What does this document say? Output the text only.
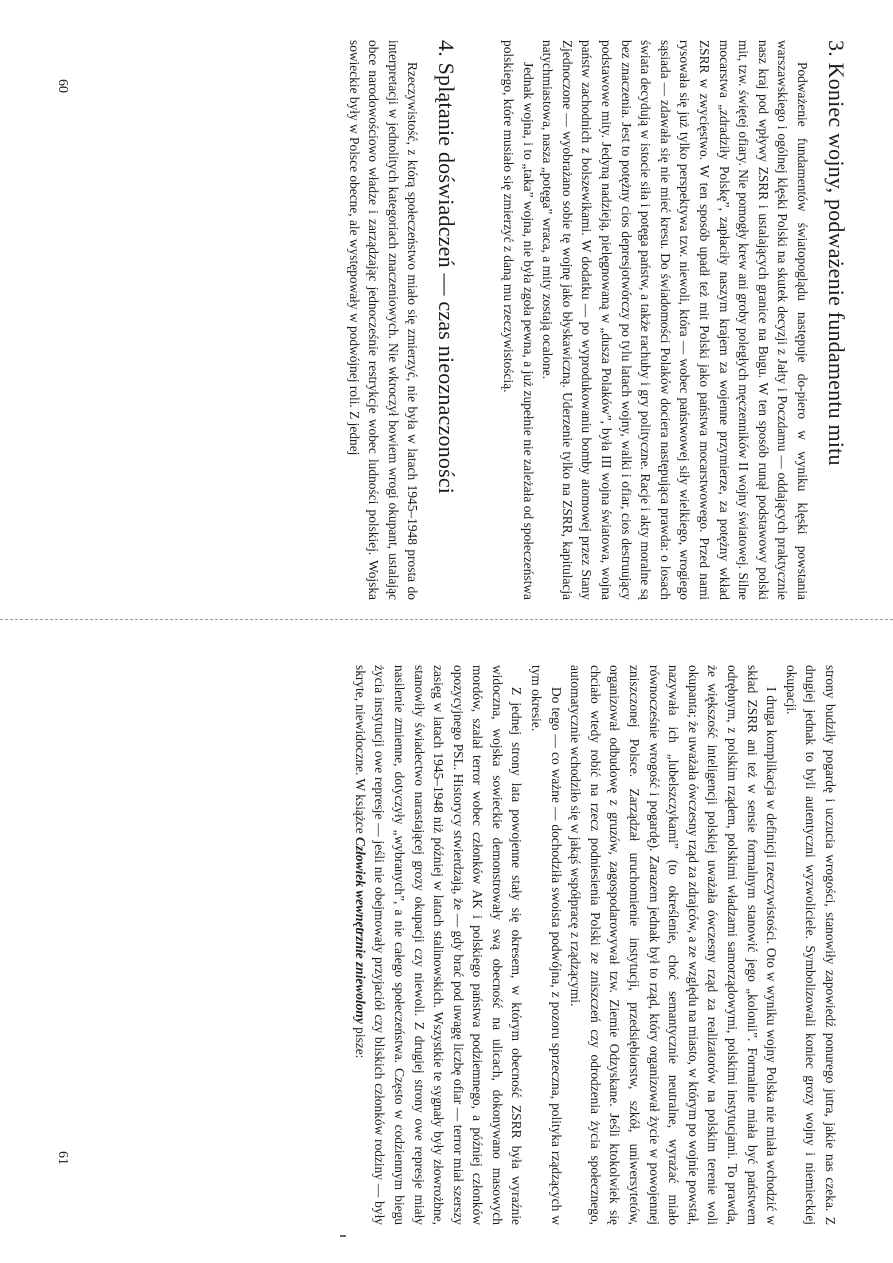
3. Koniec wojny, podważenie fundamentu mitu

Podważenie fundamentów światopoglądu następuje do-piero w wyniku klęski powstania warszawskiego i ogólnej klęski Polski na skutek decyzji z Jałty i Poczdamu — oddających praktycznie nasz kraj pod wpływy ZSRR i ustalających granice na Bugu. W ten sposób runął podstawowy polski mit, tzw. świętej ofiary. Nie pomogły krew ani groby poległych męczenników II wojny światowej. Silne mocarstwa „zdradziły Polskę”, zapłaciły naszym krajem za wojenne przymierze, za potężny wkład ZSRR w zwycięstwo. W ten sposób upadł też mit Polski jako państwa mocarstwowego. Przed nami rysowała się już tylko perspektywa tzw. niewoli, która — wobec państwowej siły wielkiego, wrogiego sąsiada — zdawała się nie mieć kresu. Do świadomości Polaków dociera następująca prawda: o losach świata decydują w istocie siła i potęga państw, a także rachuby i gry polityczne. Racje i akty moralne są bez znaczenia. Jest to potężny cios depresjotwórczy po tylu latach wojny, walki i ofiar, cios destruujący podstawowe mity. Jedyną nadzieją, pielęgnowaną w „dusza Polaków”, była III wojna światowa, wojna państw zachodnich z bolszewikami. W dodatku — po wyprodukowaniu bomby atomowej przez Stany Zjednoczone — wyobrażano sobie tę wojnę jako błyskawiczną. Uderzenie tylko na ZSRR, kapitulacja natychmiastowa, nasza „potęga” wraca, a mity zostają ocalone.

Jednak wojna, i to „taka” wojna, nie była zgoła pewna, a już zupełnie nie zależała od społeczeństwa polskiego, które musiało się zmierzyć z daną mu rzeczywistością.

4. Splątanie doświadczeń — czas nieoznaczoności

Rzeczywistość, z którą społeczeństwo miało się zmierzyć, nie była w latach 1945–1948 prosta do interpretacji w jednolitych kategoriach znaczeniowych. Nie wkroczył bowiem wrogi okupant, ustalając obce narodowościowo władze i zarządzając jednocześnie restrykcje wobec ludności polskiej. Wojska sowieckie były w Polsce obecne, ale występowały w podwójnej roli. Z jednej

strony budziły pogardę i uczucia wrogości, stanowiły zapowiedź ponurego jutra, jakie nas czeka. Z drugiej jednak to byli autentyczni wyzwoliciele. Symbolizowali koniec grozy wojny i niemieckiej okupacji.

I druga komplikacja w definicji rzeczywistości. Oto w wyniku wojny Polska nie miała wchodzić w skład ZSRR ani też w sensie formalnym stanowić jego „kolonii”. Formalnie miała być państwem odrębnym, z polskim rządem, polskimi władzami samorządowymi, polskimi instytucjami. To prawda, że większość inteligencji polskiej uważała ówczesny rząd za realizatorów na polskim terenie woli okupanta; że uważała ówczesny rząd za zdrajców, a ze względu na miasto, w którym po wojnie powstał, nazywała ich „lubelszczykami” (to określenie, choć semantycznie neutralne, wyrażać miało równocześnie wrogość i pogardę). Zarazem jednak był to rząd, który organizował życie w powojennej zniszczonej Polsce. Zarządzał uruchomienie instytucji, przedsiębiorstw, szkół, uniwersytetów, organizował odbudowę z gruzów, zagospodarowywał tzw. Ziemie Odzyskane. Jeśli ktokolwiek się chciało wtedy robić na rzecz podniesienia Polski ze zniszczeń czy odrodzenia życia społecznego, automatycznie wchodziło się w jakąś współpracę z rządzącymi.

Do tego — co ważne — dochodziła swoista podwójna, z pozoru sprzeczna, polityka rządzących w tym okresie.

Z jednej strony lata powojenne stały się okresem, w którym obecność ZSRR była wyraźnie widoczna, wojska sowieckie demonstrowały swą obecność na ulicach, dokonywano masowych mordów, szalał terror wobec członków AK i polskiego państwa podziemnego, a później członków opozycyjnego PSL. Historycy stwierdzają, że — gdy brać pod uwagę liczbę ofiar — terror miał szerszy zasięg w latach 1945–1948 niż później w latach stalinowskich. Wszystkie te sygnały były złowrożbne, stanowiły świadectwo narastającej grozy okupacji czy niewoli. Z drugiej strony owe represje miały nasilenie zmienne, dotyczyły „wybranych”, a nie całego społeczeństwa. Często w codziennym biegu życia instytucji owe represje — jeśli nie obejmowały przyjaciół czy bliskich członków rodziny — były skryte, niewidoczne. W książce Człowiek wewnętrznie zniewolony pisze:

60
61
